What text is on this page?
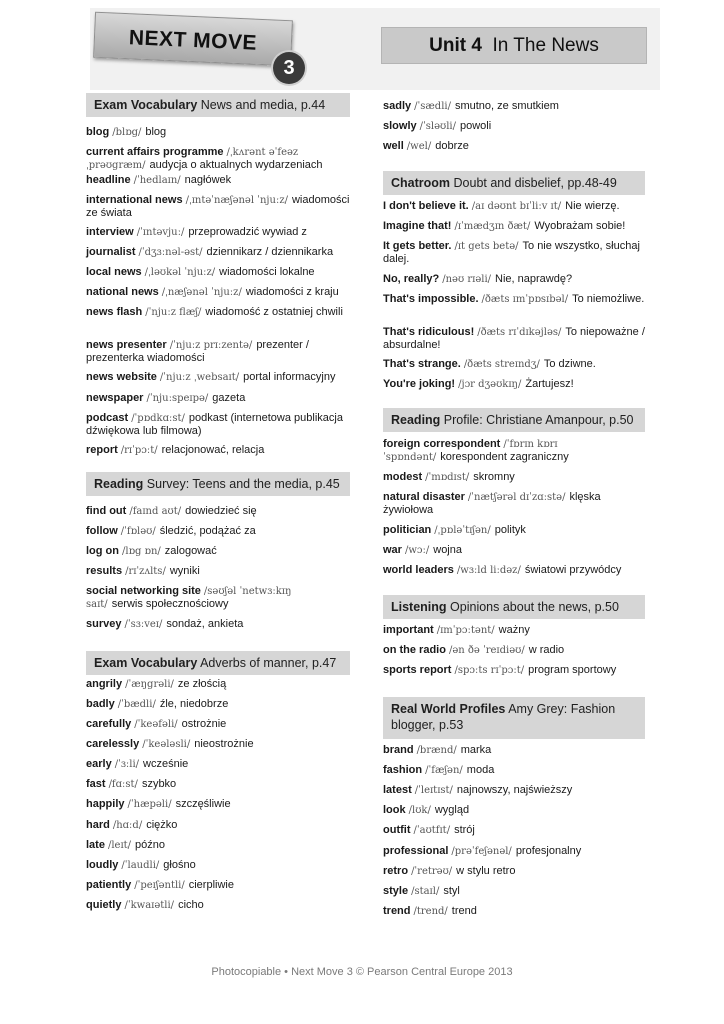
NEXT MOVE
3
Unit 4 In The News
Exam Vocabulary News and media, p.44
blog /blɒg/ blog
current affairs programme /ˌkʌrənt əˈfeəz ˌprəʊgræm/ audycja o aktualnych wydarzeniach
headline /ˈhedlaɪn/ nagłówek
international news /ˌɪntəˈnæʃənəl ˈnjuːz/ wiadomości ze świata
interview /ˈɪntəvjuː/ przeprowadzić wywiad z
journalist /ˈdʒɜːnəl-əst/ dziennikarz / dziennikarka
local news /ˌləʊkəl ˈnjuːz/ wiadomości lokalne
national news /ˌnæʃənəl ˈnjuːz/ wiadomości z kraju
news flash /ˈnjuːz flæʃ/ wiadomość z ostatniej chwili
news presenter /ˈnjuːz prɪːzentə/ prezenter / prezenterka wiadomości
news website /ˈnjuːz ˌwebsaɪt/ portal informacyjny
newspaper /ˈnjuːspeɪpə/ gazeta
podcast /ˈpɒdkɑːst/ podkast (internetowa publikacja dźwiękowa lub filmowa)
report /rɪˈpɔːt/ relacjonować, relacja
Reading Survey: Teens and the media, p.45
find out /faɪnd aʊt/ dowiedzieć się
follow /ˈfɒləʊ/ śledzić, podążać za
log on /lɒg ɒn/ zalogować
results /rɪˈzʌlts/ wyniki
social networking site /səʊʃəl ˈnetwɜːkɪŋ saɪt/ serwis społecznościowy
survey /ˈsɜːveɪ/ sondaż, ankieta
Exam Vocabulary Adverbs of manner, p.47
angrily /ˈæŋgrəli/ ze złością
badly /ˈbædli/ źle, niedobrze
carefully /ˈkeəfəli/ ostrożnie
carelessly /ˈkeələsli/ nieostrożnie
early /ˈɜːli/ wcześnie
fast /fɑːst/ szybko
happily /ˈhæpəli/ szczęśliwie
hard /hɑːd/ ciężko
late /leɪt/ późno
loudly /ˈlaudli/ głośno
patiently /ˈpeɪʃəntli/ cierpliwie
quietly /ˈkwaɪətli/ cicho
sadly /ˈsædli/ smutno, ze smutkiem
slowly /ˈsləʊli/ powoli
well /wel/ dobrze
Chatroom Doubt and disbelief, pp.48-49
I don't believe it. /aɪ dəʊnt bɪˈliːv ɪt/ Nie wierzę.
Imagine that! /ɪˈmædʒɪn ðæt/ Wyobrażam sobie!
It gets better. /ɪt gets betə/ To nie wszystko, słuchaj dalej.
No, really? /nəʊ rɪəli/ Nie, naprawdę?
That's impossible. /ðæts ɪmˈpɒsɪbəl/ To niemożliwe.
That's ridiculous! /ðæts rɪˈdɪkəjləs/ To niepoważne / absurdalne!
That's strange. /ðæts streɪndʒ/ To dziwne.
You're joking! /jɔr dʒəʊkɪŋ/ Żartujesz!
Reading Profile: Christiane Amanpour, p.50
foreign correspondent /ˈfɒrɪn kɒrɪˈspɒndənt/ korespondent zagraniczny
modest /ˈmɒdɪst/ skromny
natural disaster /ˈnætʃərəl dɪˈzɑːstə/ klęska żywiołowa
politician /ˌpɒləˈtɪʃən/ polityk
war /wɔː/ wojna
world leaders /wɜːld liːdəz/ światowi przywódcy
Listening Opinions about the news, p.50
important /ɪmˈpɔːtənt/ ważny
on the radio /ən ðə ˈreɪdiəʊ/ w radio
sports report /spɔːts rɪˈpɔːt/ program sportowy
Real World Profiles Amy Grey: Fashion blogger, p.53
brand /brænd/ marka
fashion /ˈfæʃən/ moda
latest /ˈleɪtɪst/ najnowszy, najświeższy
look /lʊk/ wygląd
outfit /ˈaʊtfɪt/ strój
professional /prəˈfeʃənəl/ profesjonalny
retro /ˈretrəʊ/ w stylu retro
style /staɪl/ styl
trend /trend/ trend
Photocopiable • Next Move 3 © Pearson Central Europe 2013
